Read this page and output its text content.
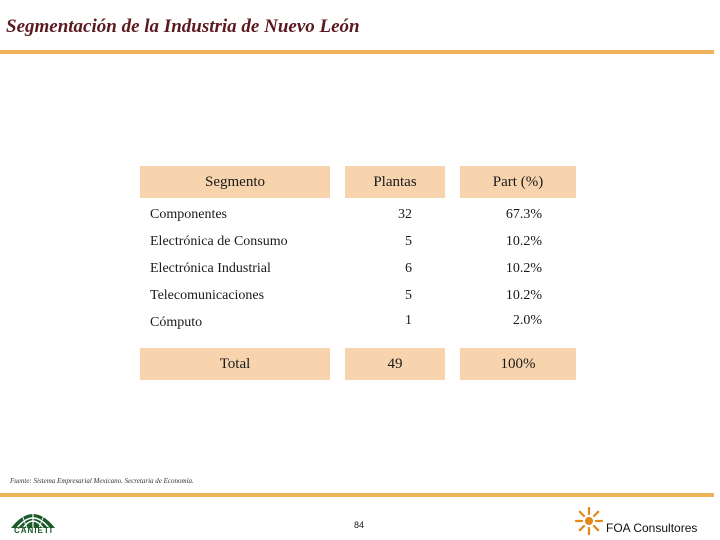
Segmentación de la Industria de Nuevo León
Segmento	Plantas	Part (%)
Componentes	32	67.3%
Electrónica de Consumo	5	10.2%
Electrónica Industrial	6	10.2%
Telecomunicaciones	5	10.2%
Cómputo	1	2.0%
Total	49	100%
Fuente: Sistema Empresarial Mexicano. Secretaría de Economía.
CANIETI
84	FOA Consultores
